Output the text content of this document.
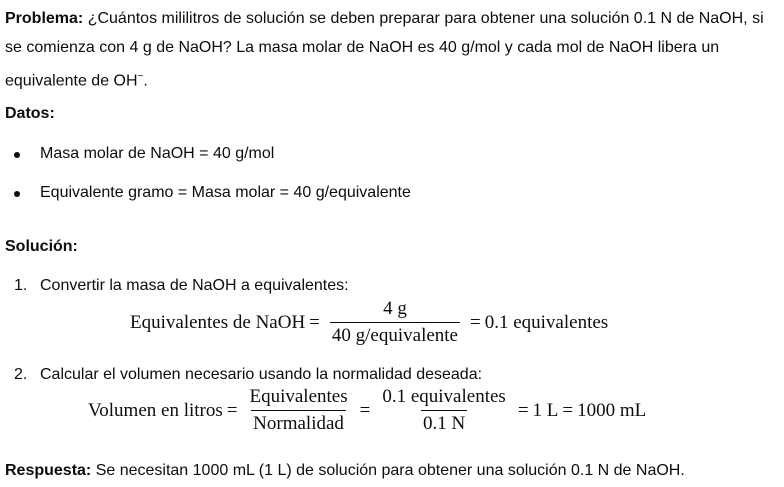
Problema: ¿Cuántos mililitros de solución se deben preparar para obtener una solución 0.1 N de NaOH, si se comienza con 4 g de NaOH? La masa molar de NaOH es 40 g/mol y cada mol de NaOH libera un equivalente de OH−.
Datos:
Masa molar de NaOH = 40 g/mol
Equivalente gramo = Masa molar = 40 g/equivalente
Solución:
1. Convertir la masa de NaOH a equivalentes:
Equivalentes de NaOH = $\frac{4 g}{\text{40 g/equivalente}} = 0.1$ equivalentes
2. Calcular el volumen necesario usando la normalidad deseada:
Volumen en litros = $\frac{\text{Equivalentes}}{\text{Normalidad}} = \frac{\text{0.1 equivalentes}}{0.1 N} = 1$ L = 1000 mL
Respuesta: Se necesitan 1000 mL (1 L) de solución para obtener una solución 0.1 N de NaOH.
